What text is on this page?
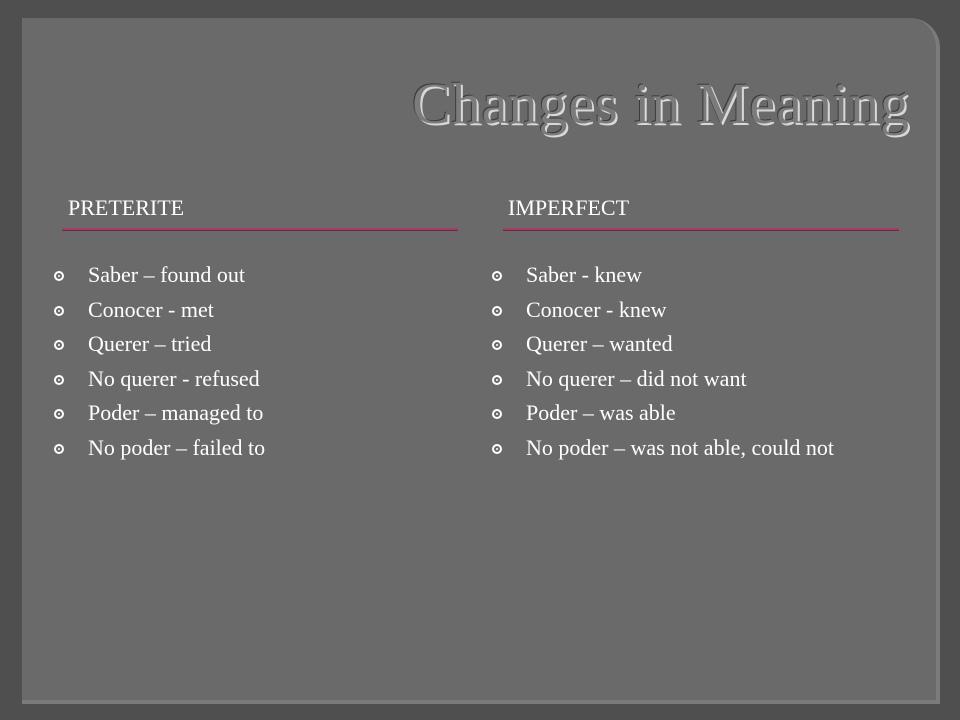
Changes in Meaning
PRETERITE
Saber – found out
Conocer - met
Querer – tried
No querer - refused
Poder – managed to
No poder – failed to
IMPERFECT
Saber - knew
Conocer - knew
Querer – wanted
No querer – did not want
Poder – was able
No poder – was not able, could not
